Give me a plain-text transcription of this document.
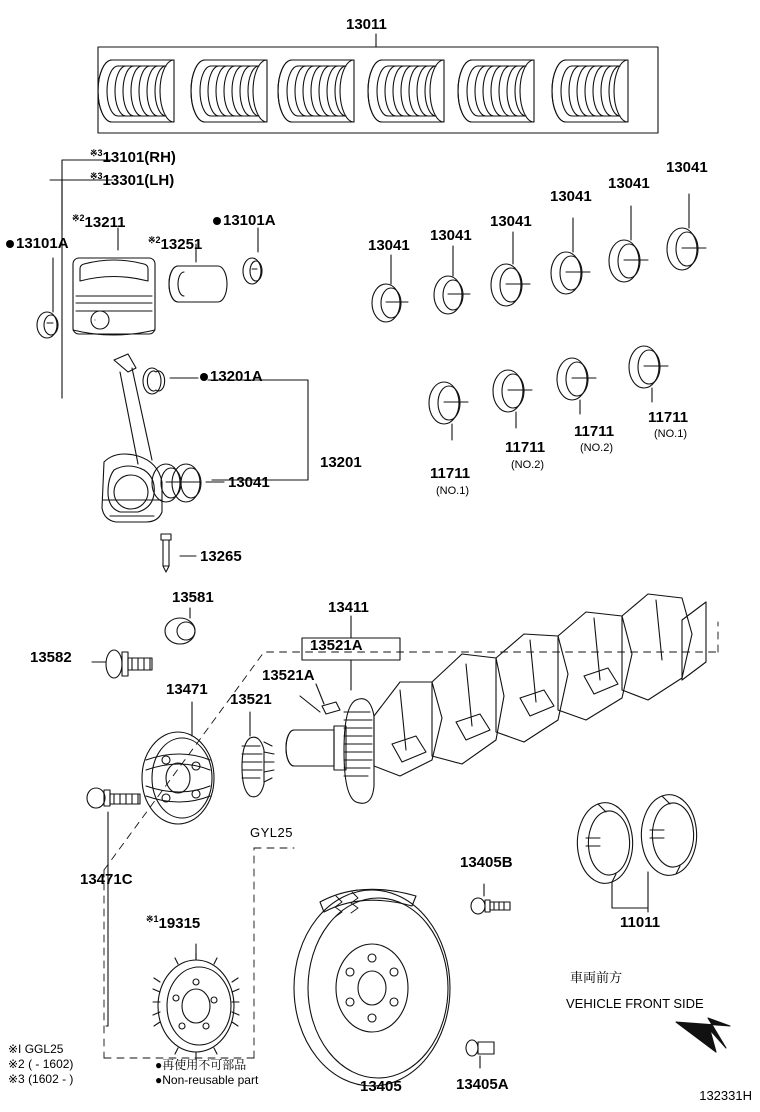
13011
$^{※3}$13101(RH)
$^{※3}$13301(LH)
$^{※2}$13211
$^{※2}$13251
13101A
13101A
13201A
13201
13041
13265
13041
13041
13041
13041
13041
13041
11711
(NO.1)
11711
(NO.2)
11711
(NO.2)
11711
(NO.1)
13581
13582
13471
13521
13521A
13521A
13411
13471C
$^{※1}$19315
GYL25
13405
13405B
13405A
11011
車両前方
VEHICLE FRONT SIDE
※I GGL25
※2 ( - 1602)
※3 (1602 - )
●再使用不可部品
●Non-reusable part
132331H
